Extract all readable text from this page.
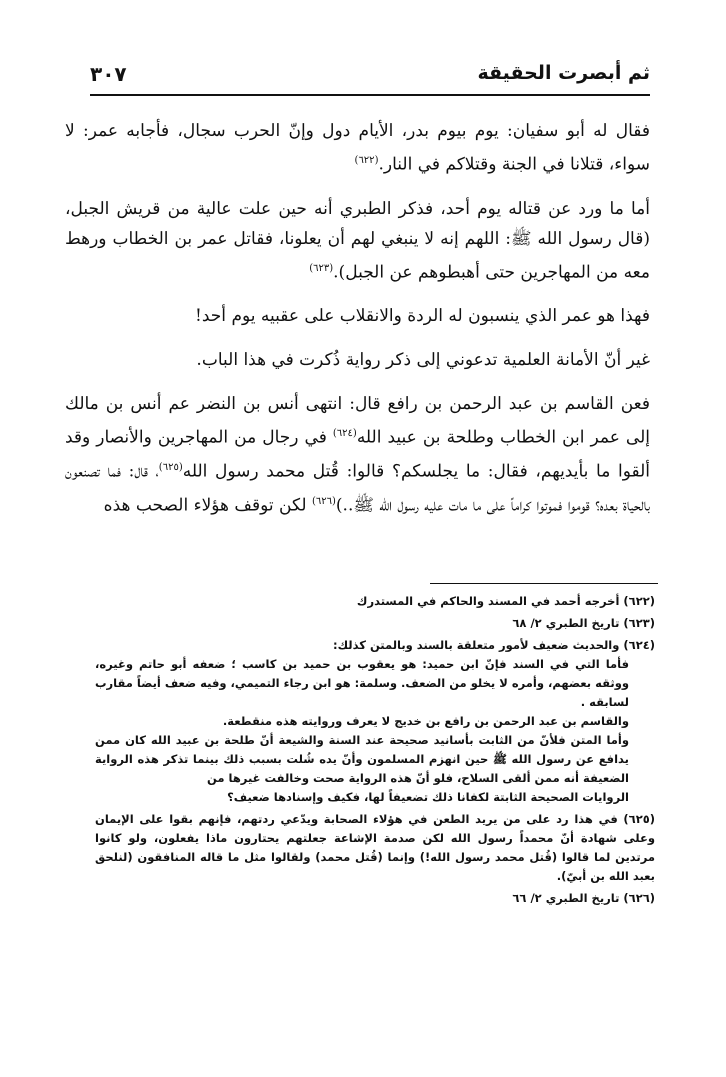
ثم أبصرت الحقيقة
٣٠٧

فقال له أبو سفيان: يوم بيوم بدر، الأيام دول وإنّ الحرب سجال، فأجابه عمر: لا سواء، قتلانا في الجنة وقتلاكم في النار.$^{(٦٢٢)}$

أما ما ورد عن قتاله يوم أحد، فذكر الطبري أنه حين علت عالية من قريش الجبل، (قال رسول الله ﷺ: اللهم إنه لا ينبغي لهم أن يعلونا، فقاتل عمر بن الخطاب ورهط معه من المهاجرين حتى أهبطوهم عن الجبل).$^{(٦٢٣)}$

فهذا هو عمر الذي ينسبون له الردة والانقلاب على عقبيه يوم أحد!

غير أنّ الأمانة العلمية تدعوني إلى ذكر رواية ذُكرت في هذا الباب.

فعن القاسم بن عبد الرحمن بن رافع قال: انتهى أنس بن النضر عم أنس بن مالك إلى عمر ابن الخطاب وطلحة بن عبيد الله$^{(٦٢٤)}$ في رجال من المهاجرين والأنصار وقد ألقوا ما بأيديهم، فقال: ما يجلسكم؟ قالوا: قُتل محمد رسول الله$^{(٦٢٥)}$، قال: فما تصنعون بالحياة بعده؟ قوموا فموتوا كراماً على ما مات عليه رسول الله ﷺ..)$^{(٦٢٦)}$ لكن توقف هؤلاء الصحب هذه

(٦٢٢) أخرجه أحمد في المسند والحاكم في المستدرك
(٦٢٣) تاريخ الطبري ٢/ ٦٨
(٦٢٤) والحديث ضعيف لأمور متعلقة بالسند وبالمتن كذلك:
فأما التي في السند فإنّ ابن حميد: هو يعقوب بن حميد بن كاسب ؛ ضعفه أبو حاتم وغيره، ووثقه بعضهم، وأمره لا يخلو من الضعف. وسلمة: هو ابن رجاء التميمي، وفيه ضعف أيضاً مقارب لسابقه .
والقاسم بن عبد الرحمن بن رافع بن خديج لا يعرف وروايته هذه منقطعة.
وأما المتن فلأنّ من الثابت بأسانيد صحيحة عند السنة والشيعة أنّ طلحة بن عبيد الله كان ممن يدافع عن رسول الله ﷺ حين انهزم المسلمون وأنّ يده شُلت بسبب ذلك بينما تذكر هذه الرواية الضعيفة أنه ممن ألقى السلاح، فلو أنّ هذه الرواية صحت وخالفت غيرها من
الروايات الصحيحة الثابتة لكفانا ذلك تضعيفاً لها، فكيف وإسنادها ضعيف؟
(٦٢٥) في هذا رد على من يريد الطعن في هؤلاء الصحابة ويدّعي ردتهم، فإنهم بقوا على الإيمان وعلى شهادة أنّ محمداً رسول الله لكن صدمة الإشاعة جعلتهم يحتارون ماذا يفعلون، ولو كانوا مرتدين لما قالوا (قُتل محمد رسول الله!) وإنما (قُتل محمد) ولقالوا مثل ما قاله المنافقون (لنلحق بعبد الله بن أبيّ).
(٦٢٦) تاريخ الطبري ٢/ ٦٦
